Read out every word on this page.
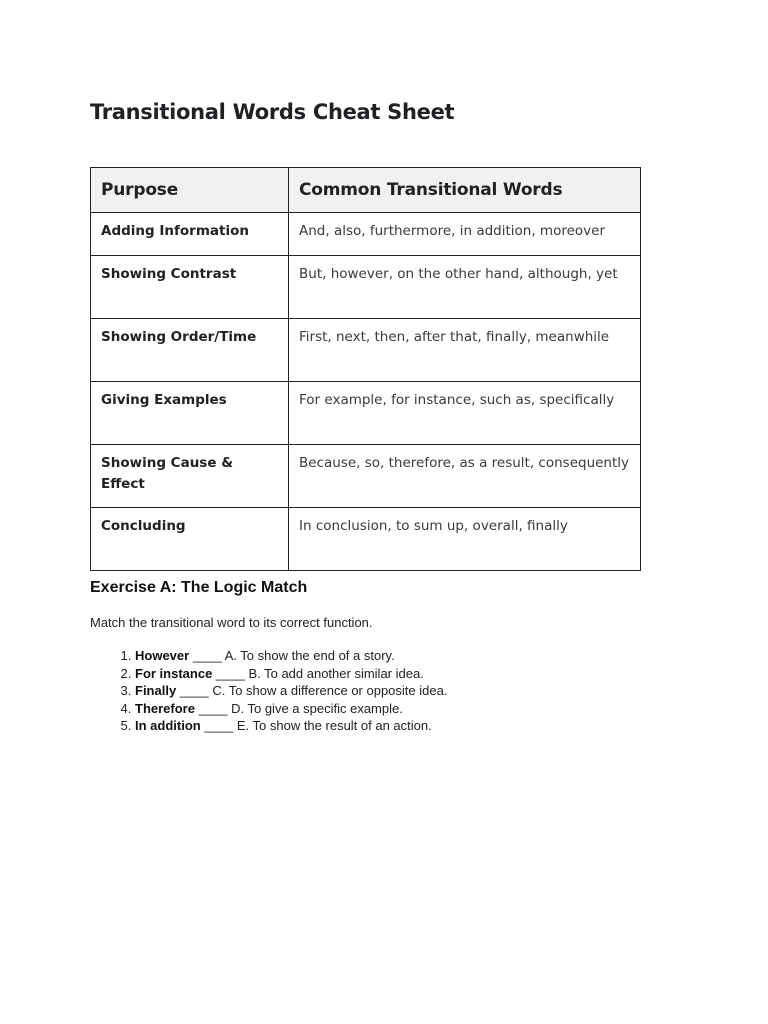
Transitional Words Cheat Sheet
Purpose	Common Transitional Words
Adding Information	And, also, furthermore, in addition, moreover
Showing Contrast	But, however, on the other hand, although, yet
Showing Order/Time	First, next, then, after that, finally, meanwhile
Giving Examples	For example, for instance, such as, specifically
Showing Cause & Effect	Because, so, therefore, as a result, consequently
Concluding	In conclusion, to sum up, overall, finally
Exercise A: The Logic Match
Match the transitional word to its correct function.
1. However ____ A. To show the end of a story.
2. For instance ____ B. To add another similar idea.
3. Finally ____ C. To show a difference or opposite idea.
4. Therefore ____ D. To give a specific example.
5. In addition ____ E. To show the result of an action.
